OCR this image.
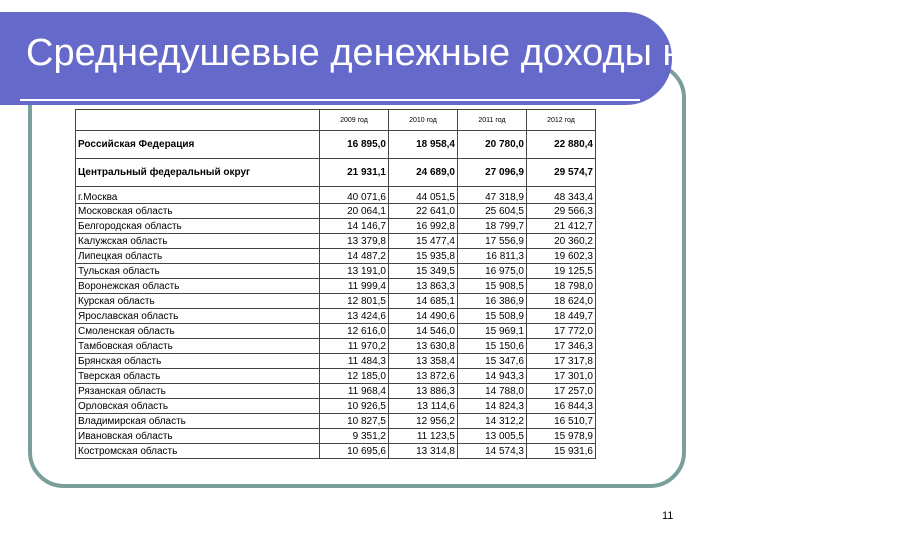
Среднедушевые денежные доходы населения РФ
	2009 год	2010 год	2011 год	2012 год
Российская Федерация	16 895,0	18 958,4	20 780,0	22 880,4
Центральный федеральный округ	21 931,1	24 689,0	27 096,9	29 574,7
г.Москва	40 071,6	44 051,5	47 318,9	48 343,4
Московская область	20 064,1	22 641,0	25 604,5	29 566,3
Белгородская область	14 146,7	16 992,8	18 799,7	21 412,7
Калужская область	13 379,8	15 477,4	17 556,9	20 360,2
Липецкая область	14 487,2	15 935,8	16 811,3	19 602,3
Тульская область	13 191,0	15 349,5	16 975,0	19 125,5
Воронежская область	11 999,4	13 863,3	15 908,5	18 798,0
Курская область	12 801,5	14 685,1	16 386,9	18 624,0
Ярославская область	13 424,6	14 490,6	15 508,9	18 449,7
Смоленская область	12 616,0	14 546,0	15 969,1	17 772,0
Тамбовская область	11 970,2	13 630,8	15 150,6	17 346,3
Брянская область	11 484,3	13 358,4	15 347,6	17 317,8
Тверская область	12 185,0	13 872,6	14 943,3	17 301,0
Рязанская область	11 968,4	13 886,3	14 788,0	17 257,0
Орловская область	10 926,5	13 114,6	14 824,3	16 844,3
Владимирская область	10 827,5	12 956,2	14 312,2	16 510,7
Ивановская область	9 351,2	11 123,5	13 005,5	15 978,9
Костромская область	10 695,6	13 314,8	14 574,3	15 931,6
11
